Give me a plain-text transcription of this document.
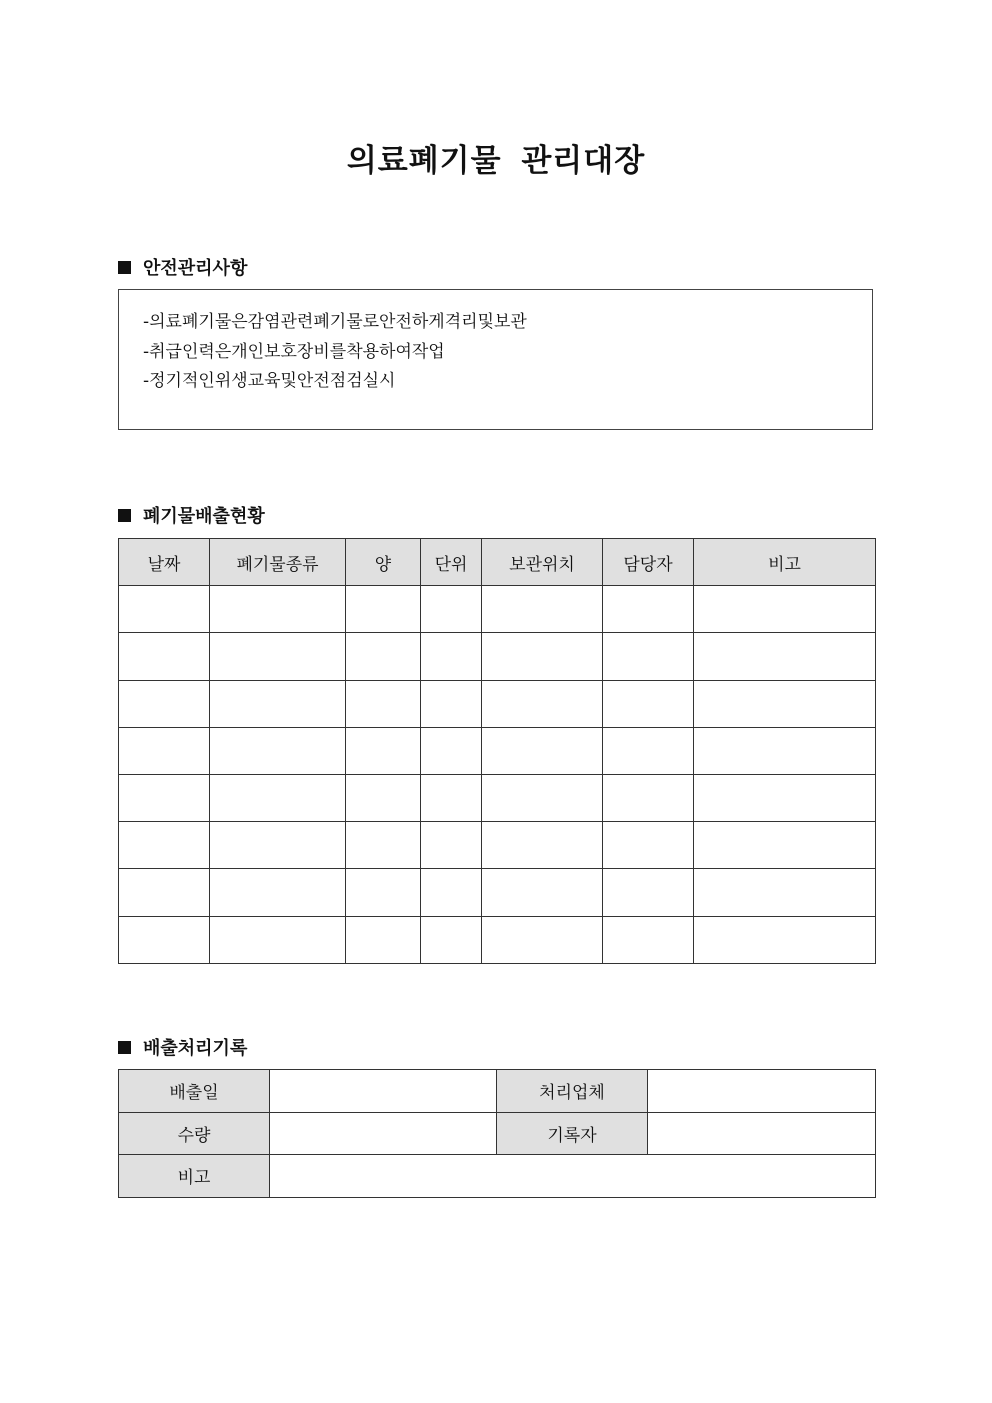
의료폐기물 관리대장
안전관리사항
-의료폐기물은감염관련폐기물로안전하게격리및보관
-취급인력은개인보호장비를착용하여작업
-정기적인위생교육및안전점검실시
폐기물배출현황
날짜	폐기물종류	양	단위	보관위치	담당자	비고

배출처리기록
배출일		처리업체	
수량		기록자	
비고			
